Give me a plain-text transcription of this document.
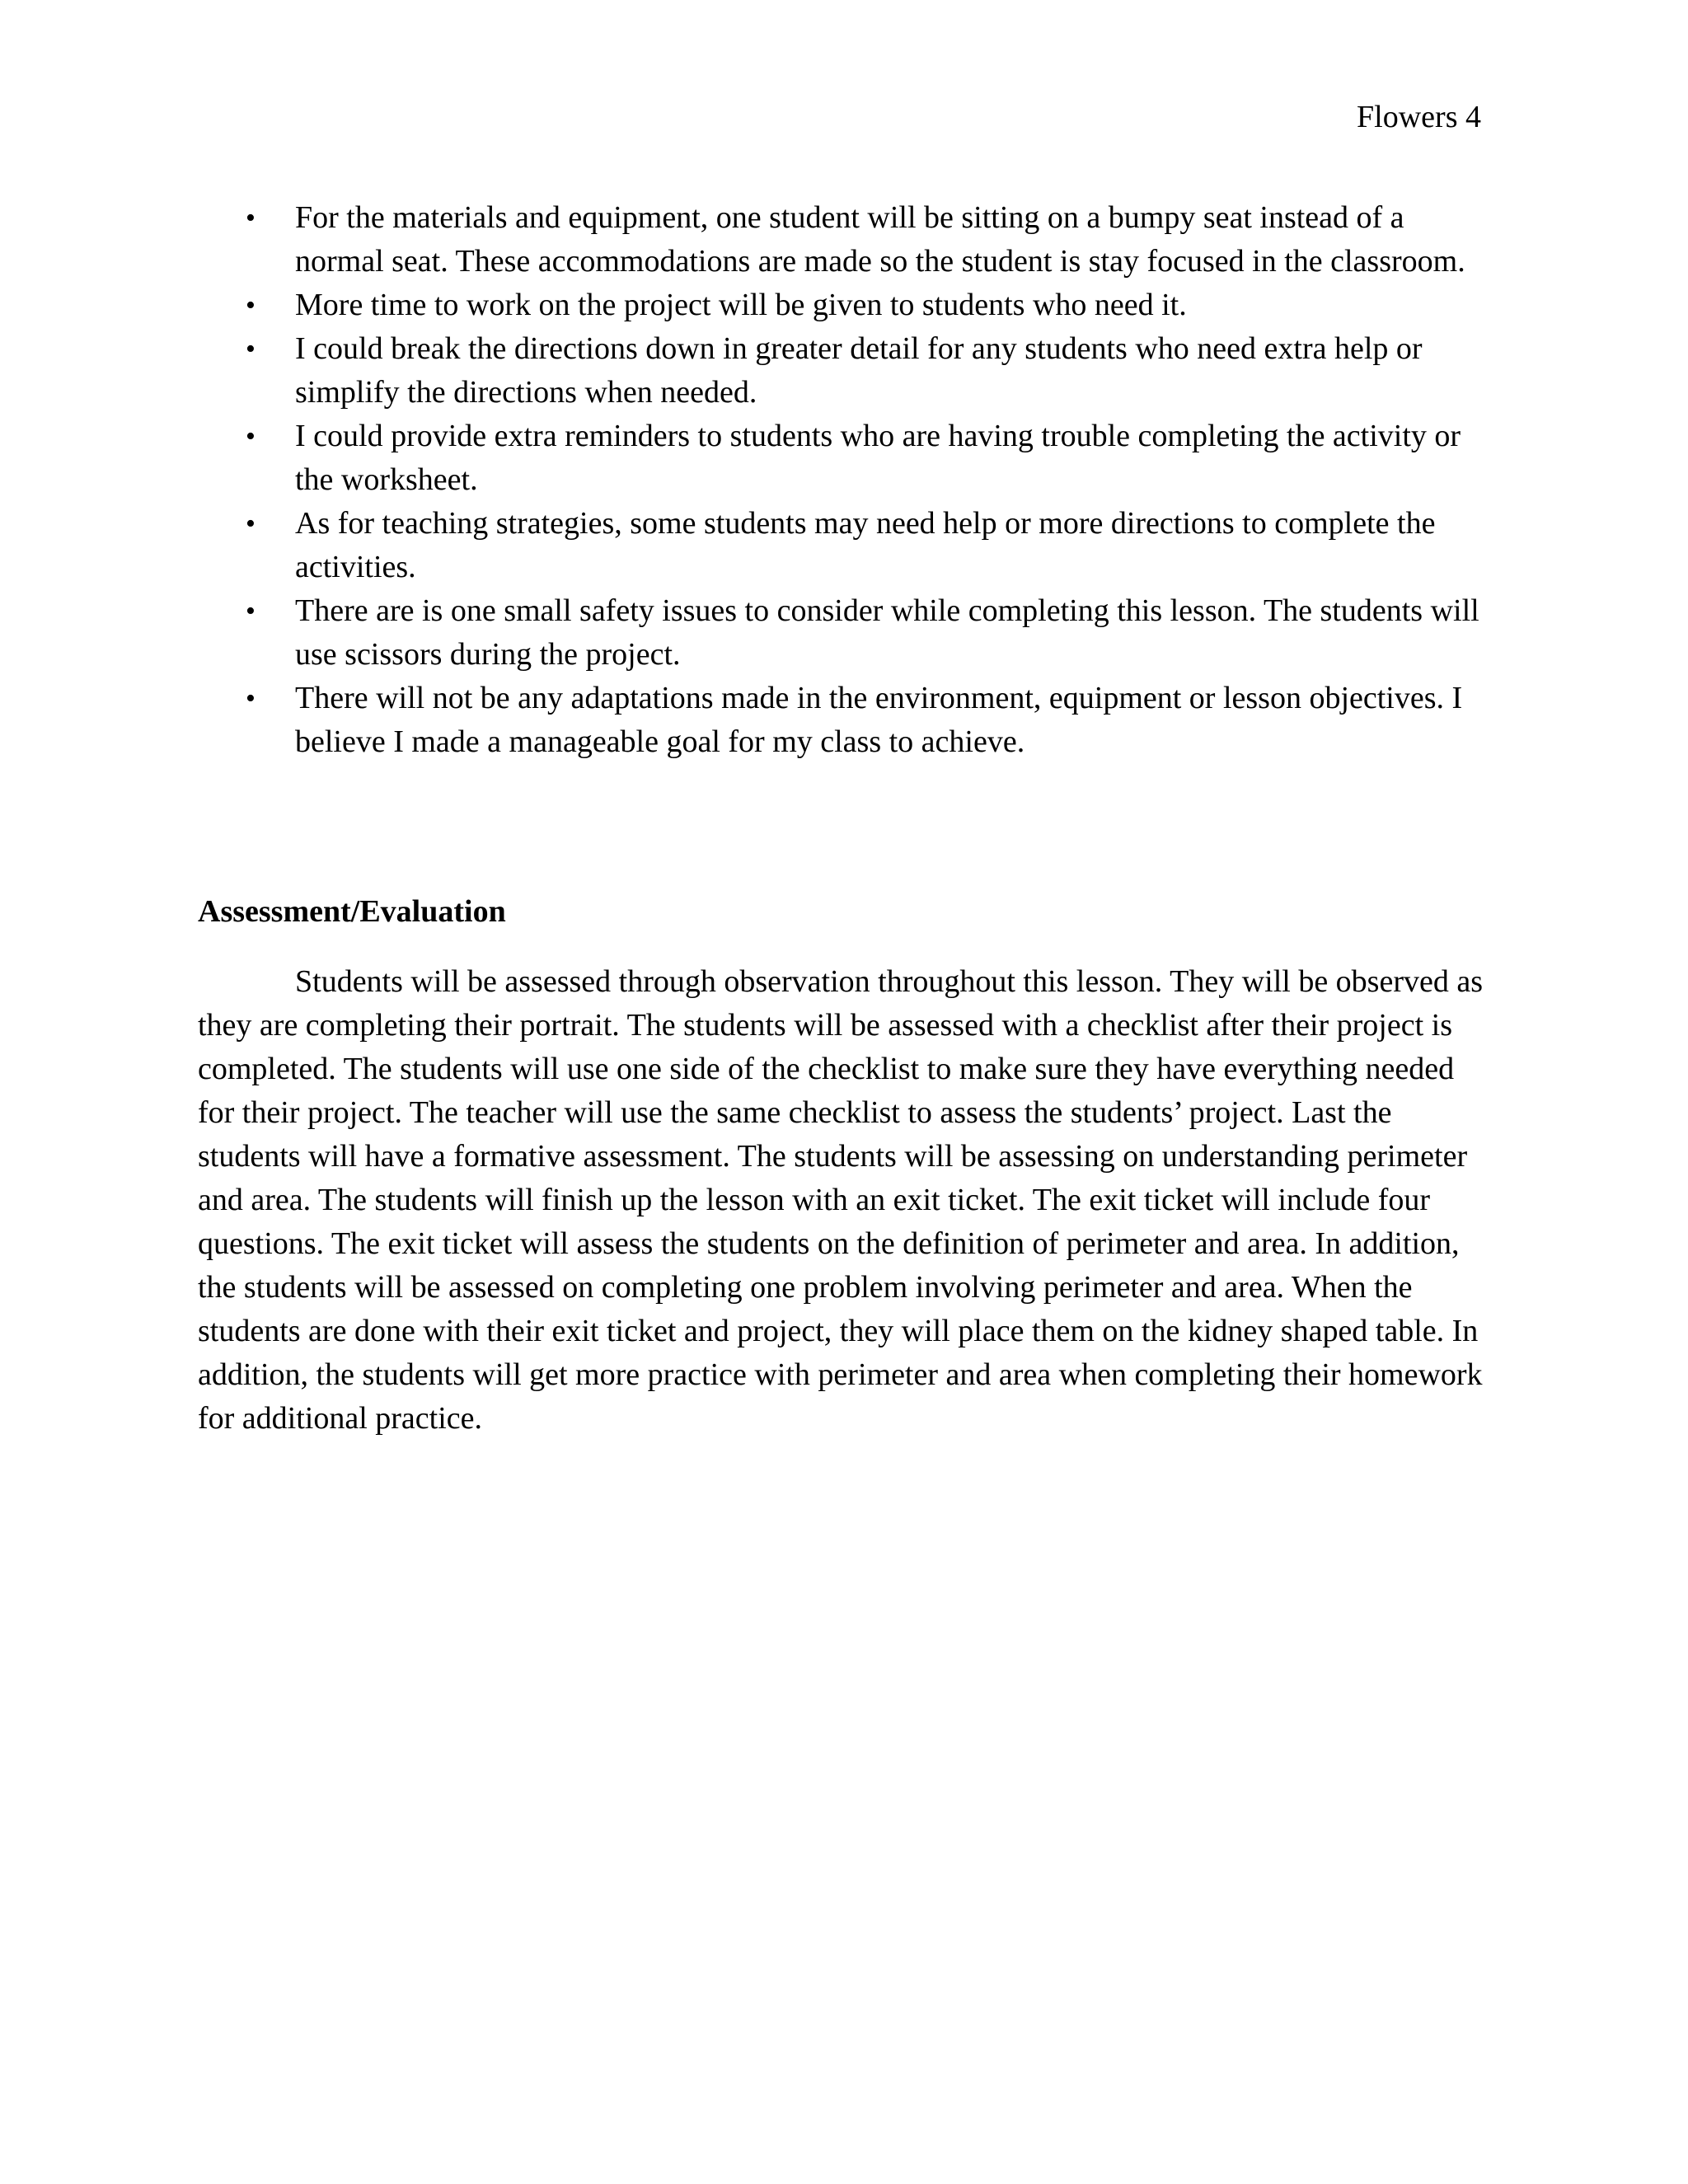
Flowers 4
• For the materials and equipment, one student will be sitting on a bumpy seat instead of a normal seat. These accommodations are made so the student is stay focused in the classroom.
• More time to work on the project will be given to students who need it.
• I could break the directions down in greater detail for any students who need extra help or simplify the directions when needed.
• I could provide extra reminders to students who are having trouble completing the activity or the worksheet.
• As for teaching strategies, some students may need help or more directions to complete the activities.
• There are is one small safety issues to consider while completing this lesson. The students will use scissors during the project.
• There will not be any adaptations made in the environment, equipment or lesson objectives. I believe I made a manageable goal for my class to achieve.
Assessment/Evaluation

Students will be assessed through observation throughout this lesson. They will be observed as they are completing their portrait. The students will be assessed with a checklist after their project is completed. The students will use one side of the checklist to make sure they have everything needed for their project. The teacher will use the same checklist to assess the students’ project. Last the students will have a formative assessment. The students will be assessing on understanding perimeter and area. The students will finish up the lesson with an exit ticket. The exit ticket will include four questions. The exit ticket will assess the students on the definition of perimeter and area. In addition, the students will be assessed on completing one problem involving perimeter and area. When the students are done with their exit ticket and project, they will place them on the kidney shaped table. In addition, the students will get more practice with perimeter and area when completing their homework for additional practice.
